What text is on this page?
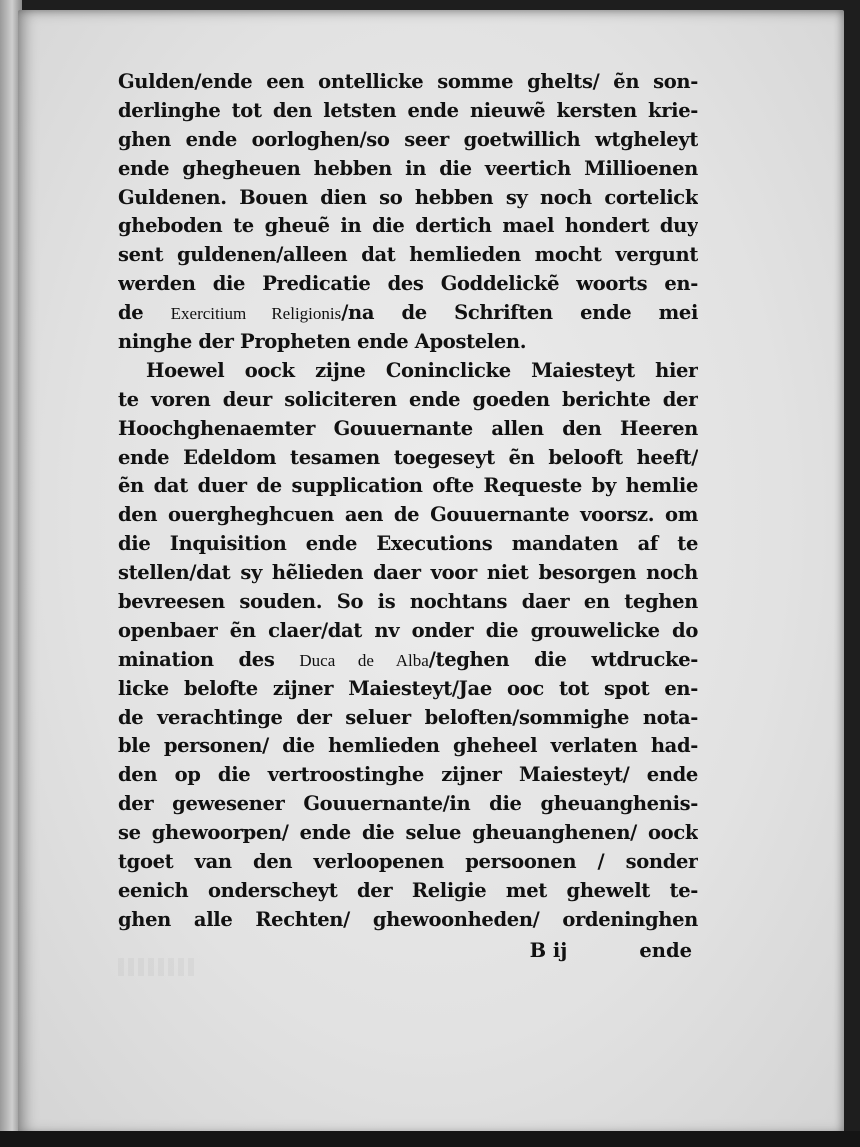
Gulden/ende een ontellicke somme ghelts/ ẽn son-
derlinghe tot den letsten ende nieuwẽ kersten krie-
ghen ende oorloghen/so seer goetwillich wtgheleyt
ende ghegheuen hebben in die veertich Millioenen
Guldenen. Bouen dien so hebben sy noch cortelick
gheboden te gheuẽ in die dertich mael hondert duy
sent guldenen/alleen dat hemlieden mocht vergunt
werden die Predicatie des Goddelickẽ woorts en-
de Exercitium Religionis/na de Schriften ende mei
ninghe der Propheten ende Apostelen.
Hoewel oock zijne Coninclicke Maiesteyt hier
te voren deur soliciteren ende goeden berichte der
Hoochghenaemter Gouuernante allen den Heeren
ende Edeldom tesamen toegeseyt ẽn belooft heeft/
ẽn dat duer de supplication ofte Requeste by hemlie
den ouergheghcuen aen de Gouuernante voorsz. om
die Inquisition ende Executions mandaten af te
stellen/dat sy hẽlieden daer voor niet besorgen noch
bevreesen souden. So is nochtans daer en teghen
openbaer ẽn claer/dat nv onder die grouwelicke do
mination des Duca de Alba/teghen die wtdrucke-
licke belofte zijner Maiesteyt/Jae ooc tot spot en-
de verachtinge der seluer beloften/sommighe nota-
ble personen/ die hemlieden gheheel verlaten had-
den op die vertroostinghe zijner Maiesteyt/ ende
der gewesener Gouuernante/in die gheuanghenis-
se ghewoorpen/ ende die selue gheuanghenen/ oock
tgoet van den verloopenen persoonen / sonder
eenich onderscheyt der Religie met ghewelt te-
ghen alle Rechten/ ghewoonheden/ ordeninghen
B ij	ende
